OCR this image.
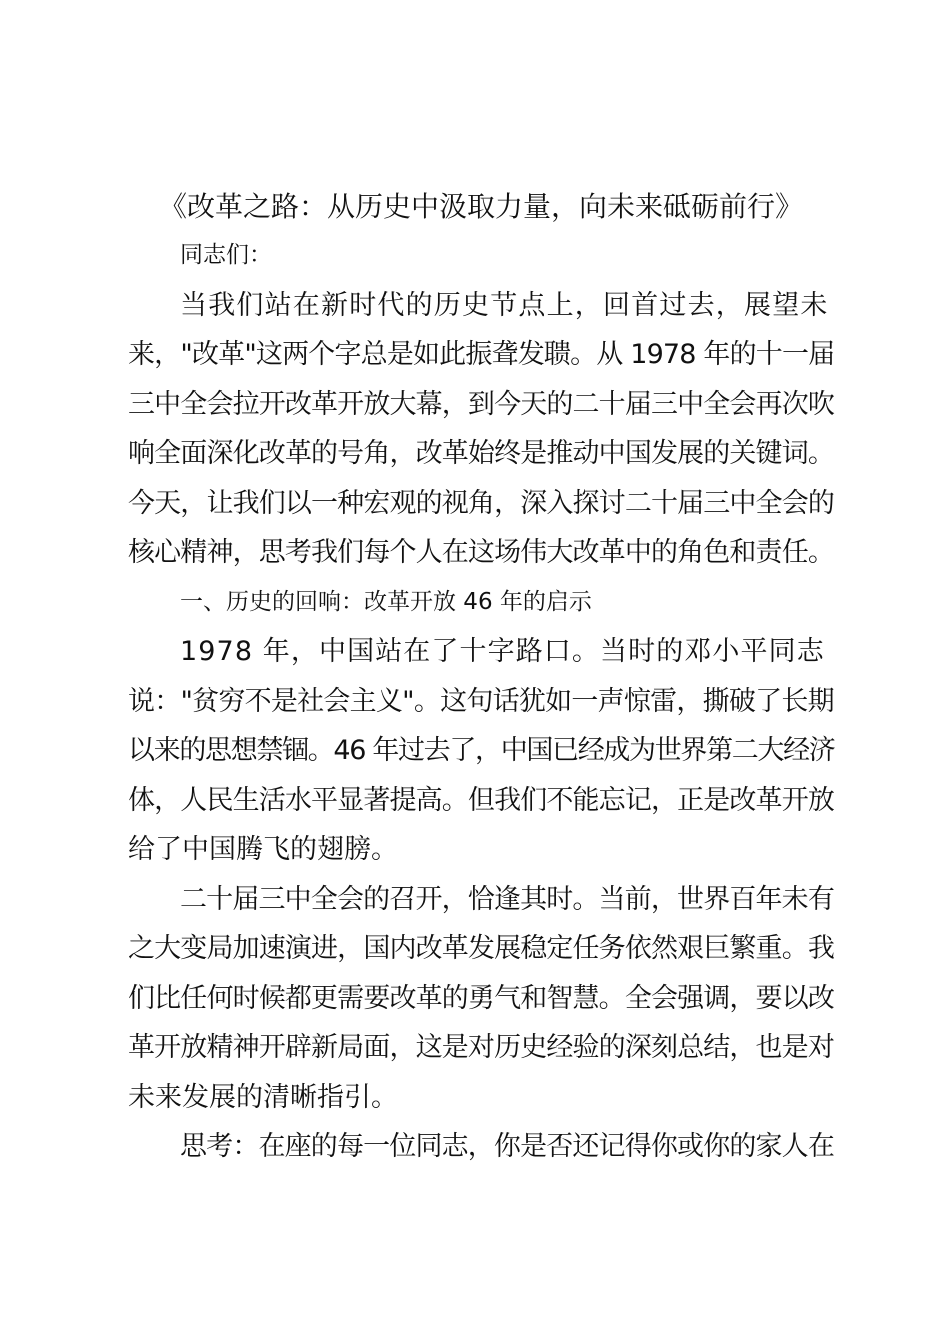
《改革之路：从历史中汲取力量，向未来砥砺前行》

同志们：

当我们站在新时代的历史节点上，回首过去，展望未
来，"改革"这两个字总是如此振聋发聩。从 1978 年的十一届
三中全会拉开改革开放大幕，到今天的二十届三中全会再次吹
响全面深化改革的号角，改革始终是推动中国发展的关键词。
今天，让我们以一种宏观的视角，深入探讨二十届三中全会的
核心精神，思考我们每个人在这场伟大改革中的角色和责任。

一、历史的回响：改革开放 46 年的启示

1978 年，中国站在了十字路口。当时的邓小平同志
说："贫穷不是社会主义"。这句话犹如一声惊雷，撕破了长期
以来的思想禁锢。46 年过去了，中国已经成为世界第二大经济
体，人民生活水平显著提高。但我们不能忘记，正是改革开放
给了中国腾飞的翅膀。
二十届三中全会的召开，恰逢其时。当前，世界百年未有
之大变局加速演进，国内改革发展稳定任务依然艰巨繁重。我
们比任何时候都更需要改革的勇气和智慧。全会强调，要以改
革开放精神开辟新局面，这是对历史经验的深刻总结，也是对
未来发展的清晰指引。
思考：在座的每一位同志，你是否还记得你或你的家人在
